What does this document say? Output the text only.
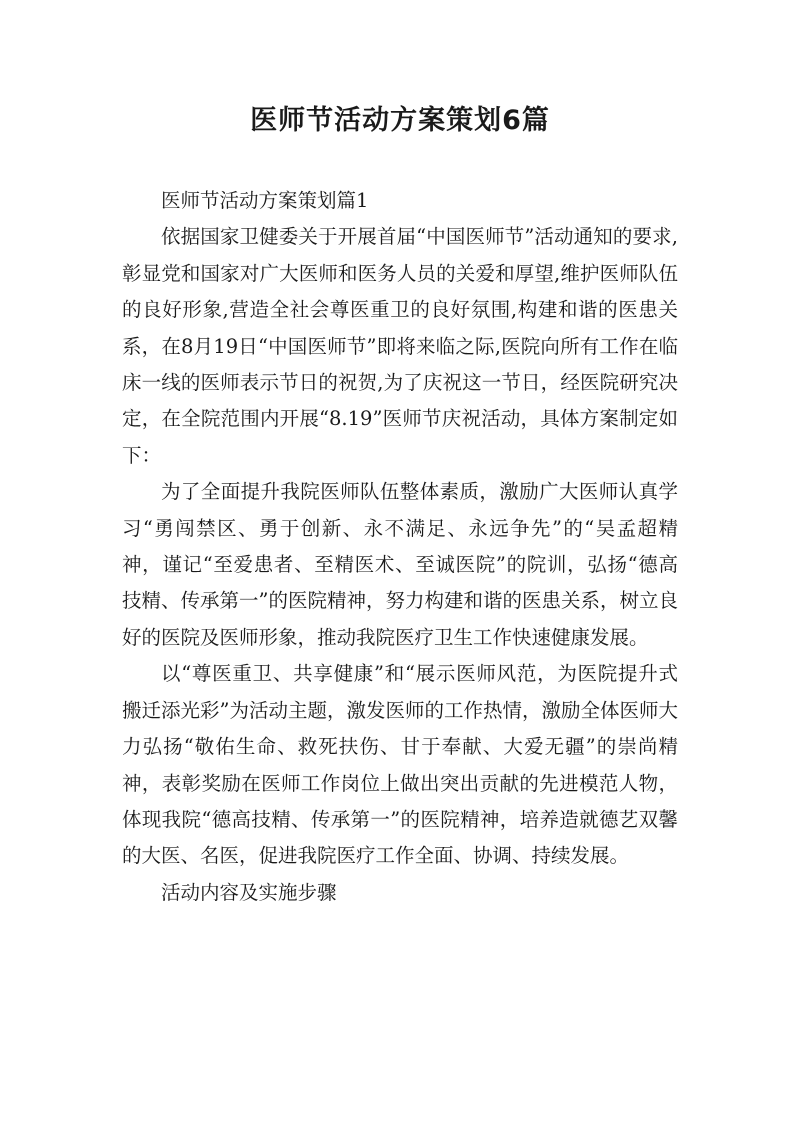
医师节活动方案策划6篇

医师节活动方案策划篇1

依据国家卫健委关于开展首届“中国医师节”活动通知的要求,彰显党和国家对广大医师和医务人员的关爱和厚望,维护医师队伍的良好形象,营造全社会尊医重卫的良好氛围,构建和谐的医患关系，在8月19日“中国医师节”即将来临之际,医院向所有工作在临床一线的医师表示节日的祝贺,为了庆祝这一节日，经医院研究决定，在全院范围内开展“8.19”医师节庆祝活动，具体方案制定如下：

为了全面提升我院医师队伍整体素质，激励广大医师认真学习“勇闯禁区、勇于创新、永不满足、永远争先”的“吴孟超精神，谨记“至爱患者、至精医术、至诚医院”的院训，弘扬“德高技精、传承第一”的医院精神，努力构建和谐的医患关系，树立良好的医院及医师形象，推动我院医疗卫生工作快速健康发展。

以“尊医重卫、共享健康”和“展示医师风范，为医院提升式搬迁添光彩”为活动主题，激发医师的工作热情，激励全体医师大力弘扬“敬佑生命、救死扶伤、甘于奉献、大爱无疆”的崇尚精神，表彰奖励在医师工作岗位上做出突出贡献的先进模范人物，体现我院“德高技精、传承第一”的医院精神，培养造就德艺双馨的大医、名医，促进我院医疗工作全面、协调、持续发展。

活动内容及实施步骤
